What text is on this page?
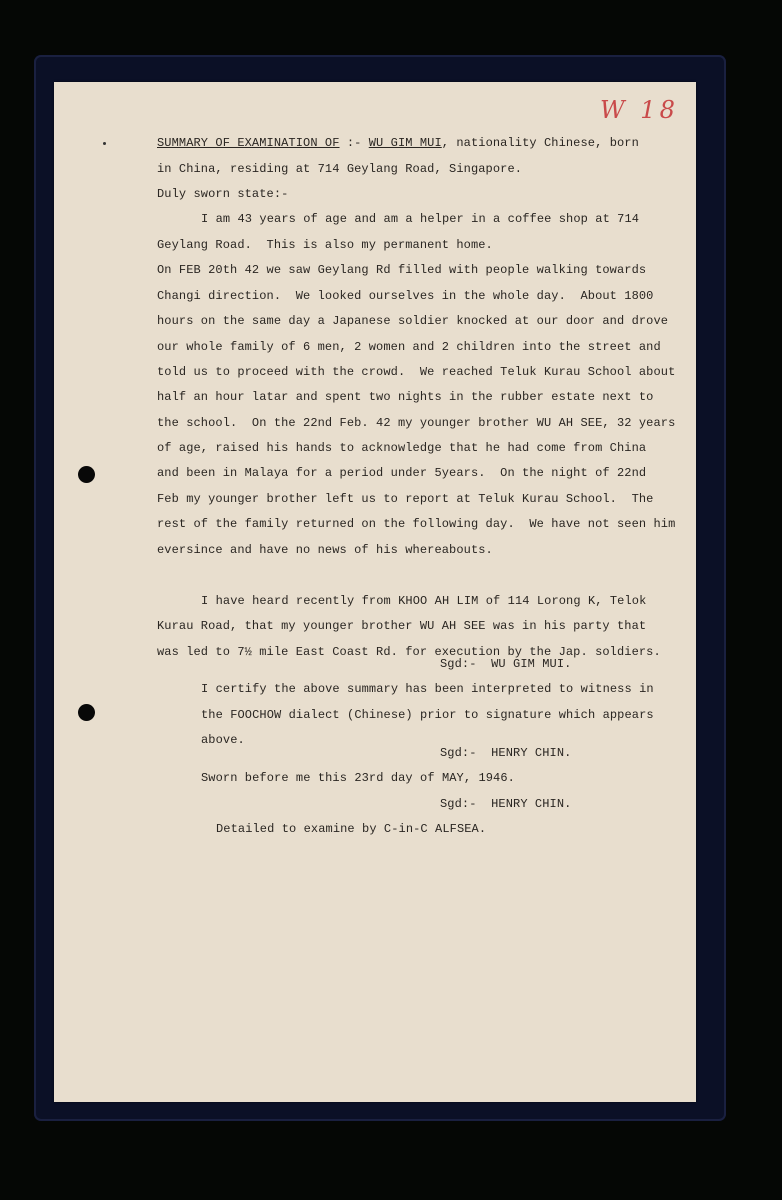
W 18
SUMMARY OF EXAMINATION OF :- WU GIM MUI, nationality Chinese, born
in China, residing at 714 Geylang Road, Singapore.
Duly sworn state:-
I am 43 years of age and am a helper in a coffee shop at 714
Geylang Road.  This is also my permanent home.
On FEB 20th 42 we saw Geylang Rd filled with people walking towards
Changi direction.  We looked ourselves in the whole day.  About 1800
hours on the same day a Japanese soldier knocked at our door and drove
our whole family of 6 men, 2 women and 2 children into the street and
told us to proceed with the crowd.  We reached Teluk Kurau School about
half an hour latar and spent two nights in the rubber estate next to
the school.  On the 22nd Feb. 42 my younger brother WU AH SEE, 32 years
of age, raised his hands to acknowledge that he had come from China
and been in Malaya for a period under 5years.  On the night of 22nd
Feb my younger brother left us to report at Teluk Kurau School.  The
rest of the family returned on the following day.  We have not seen him
eversince and have no news of his whereabouts.
I have heard recently from KHOO AH LIM of 114 Lorong K, Telok
Kurau Road, that my younger brother WU AH SEE was in his party that
was led to 7½ mile East Coast Rd. for execution by the Jap. soldiers.
Sgd:-  WU GIM MUI.
I certify the above summary has been interpreted to witness in
the FOOCHOW dialect (Chinese) prior to signature which appears
above.
Sgd:-  HENRY CHIN.
Sworn before me this 23rd day of MAY, 1946.
Sgd:-  HENRY CHIN.
Detailed to examine by C-in-C ALFSEA.
